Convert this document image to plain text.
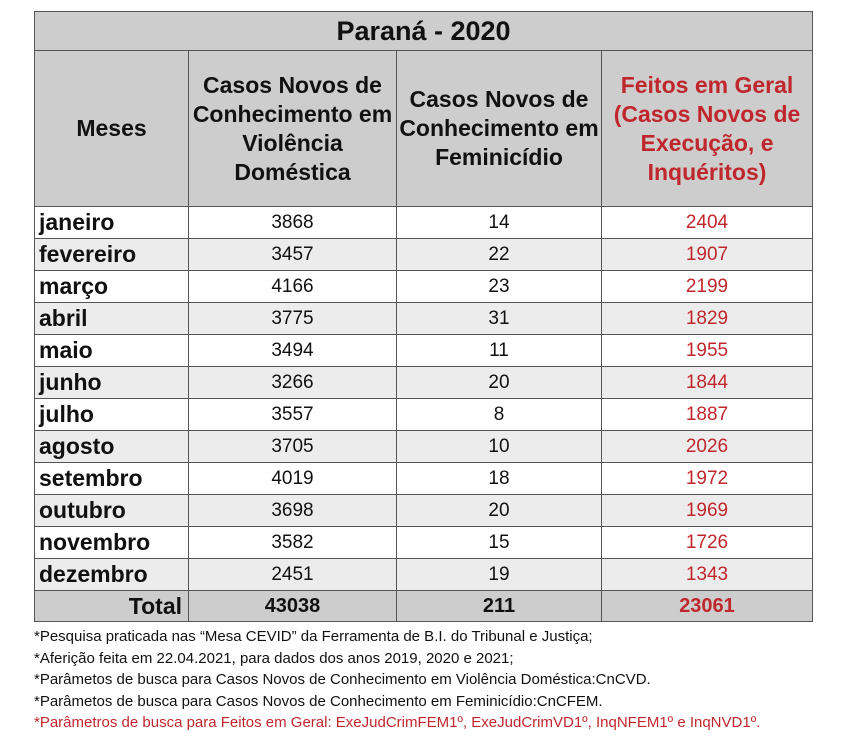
Paraná - 2020			
Meses	Casos Novos de Conhecimento em Violência Doméstica	Casos Novos de Conhecimento em Feminicídio	Feitos em Geral (Casos Novos de Execução, e Inquéritos)
janeiro	3868	14	2404
fevereiro	3457	22	1907
março	4166	23	2199
abril	3775	31	1829
maio	3494	11	1955
junho	3266	20	1844
julho	3557	8	1887
agosto	3705	10	2026
setembro	4019	18	1972
outubro	3698	20	1969
novembro	3582	15	1726
dezembro	2451	19	1343
Total	43038	211	23061
*Pesquisa praticada nas “Mesa CEVID” da Ferramenta de B.I. do Tribunal e Justiça;
*Aferição feita em 22.04.2021, para dados dos anos 2019, 2020 e 2021;
*Parâmetos de busca para Casos Novos de Conhecimento em Violência Doméstica:CnCVD.
*Parâmetos de busca para Casos Novos de Conhecimento em Feminicídio:CnCFEM.
*Parâmetros de busca para Feitos em Geral: ExeJudCrimFEM1º, ExeJudCrimVD1º, InqNFEM1º e InqNVD1º.
